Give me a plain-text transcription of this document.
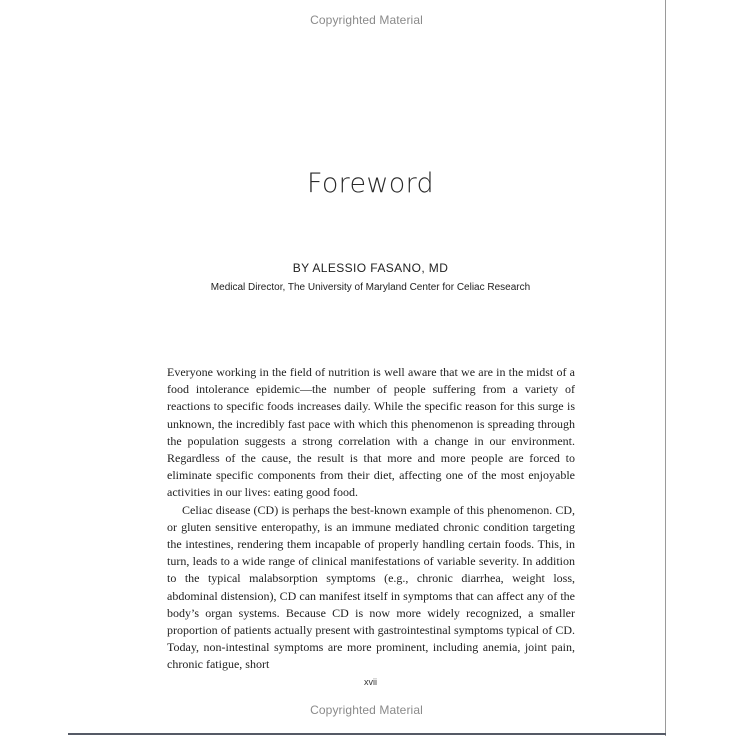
Copyrighted Material
Foreword
BY ALESSIO FASANO, MD
Medical Director, The University of Maryland Center for Celiac Research

Everyone working in the field of nutrition is well aware that we are in the midst of a food intolerance epidemic—the number of people suffering from a variety of reactions to specific foods increases daily. While the specific reason for this surge is unknown, the incredibly fast pace with which this phenomenon is spreading through the population suggests a strong correlation with a change in our environment. Regardless of the cause, the result is that more and more people are forced to eliminate specific components from their diet, affecting one of the most enjoyable activities in our lives: eating good food.

Celiac disease (CD) is perhaps the best-known example of this phenomenon. CD, or gluten sensitive enteropathy, is an immune mediated chronic condition targeting the intestines, rendering them incapable of properly handling certain foods. This, in turn, leads to a wide range of clinical manifestations of variable severity. In addition to the typical malabsorption symptoms (e.g., chronic diarrhea, weight loss, abdominal distension), CD can manifest itself in symptoms that can affect any of the body’s organ systems. Because CD is now more widely recognized, a smaller proportion of patients actually present with gastrointestinal symptoms typical of CD. Today, non-intestinal symptoms are more prominent, including anemia, joint pain, chronic fatigue, short

xvii
Copyrighted Material
